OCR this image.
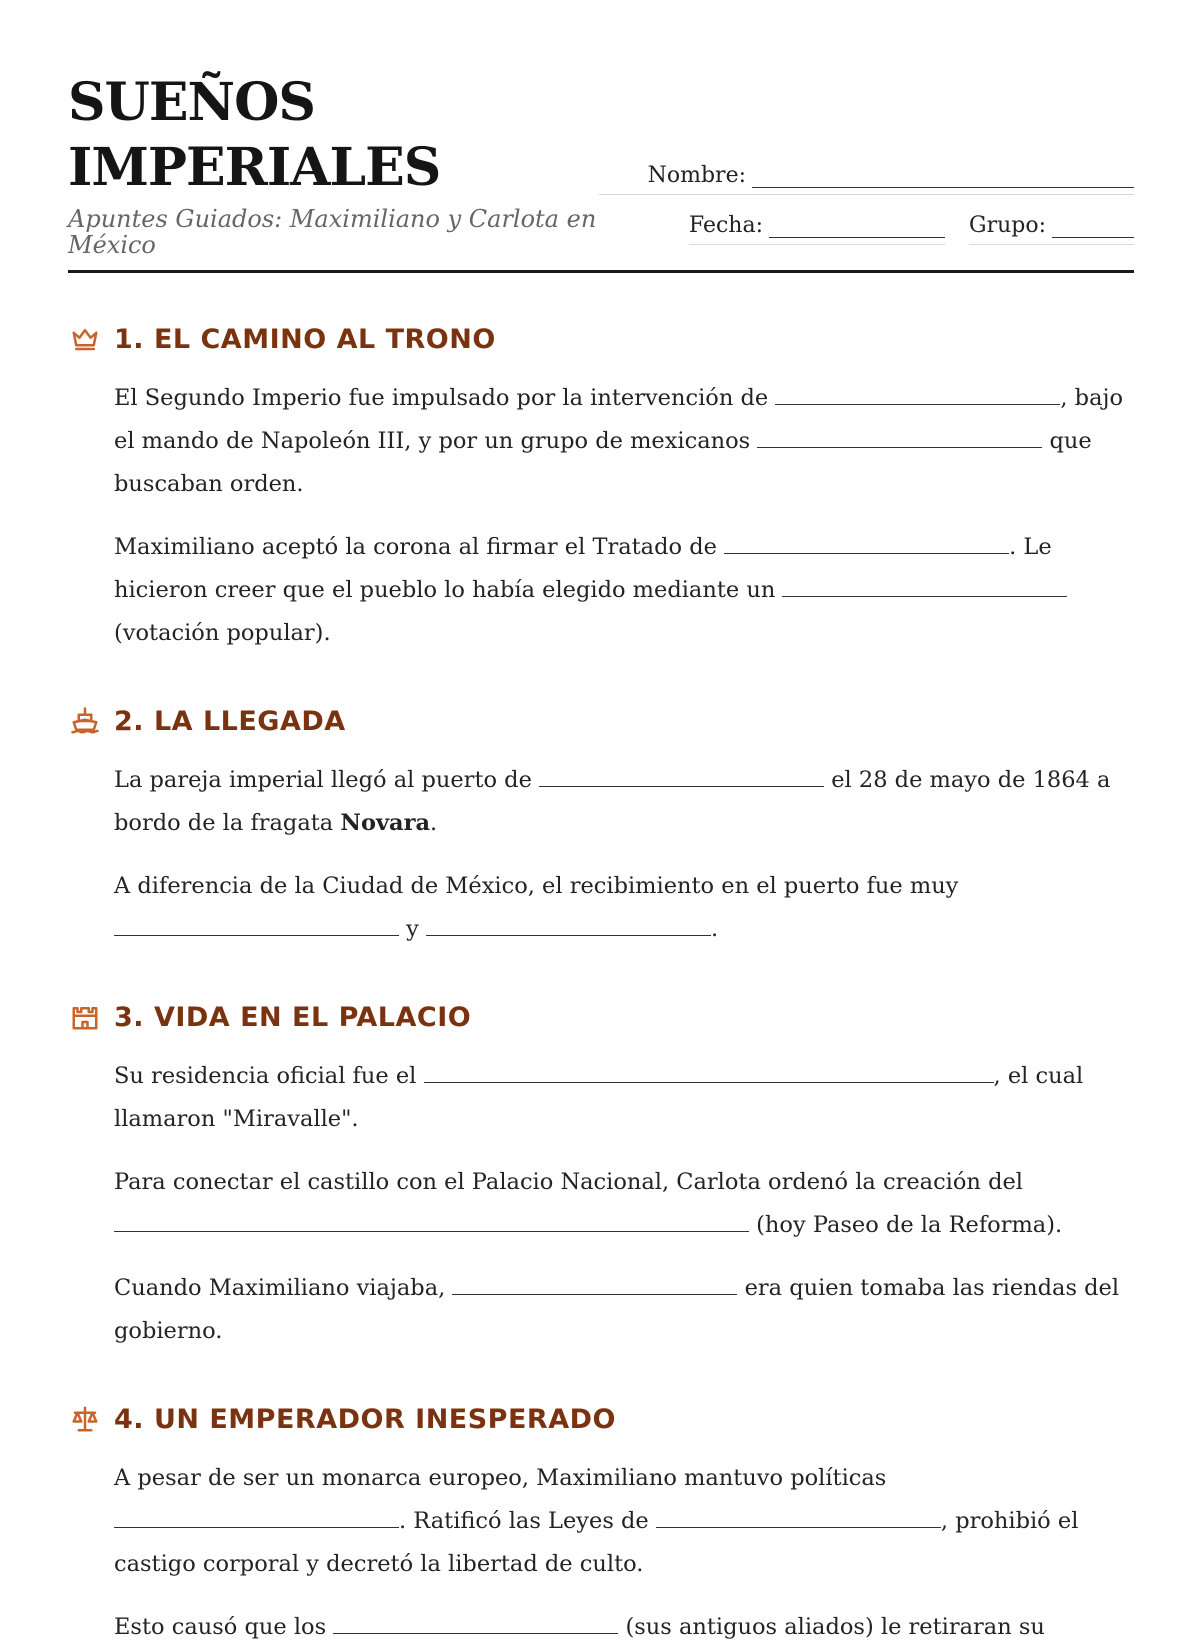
SUEÑOS
IMPERIALES
Apuntes Guiados: Maximiliano y Carlota en México
Nombre:
Fecha:	Grupo:
1. EL CAMINO AL TRONO

El Segundo Imperio fue impulsado por la intervención de	, bajo el mando de Napoleón III, y por un grupo de mexicanos	que buscaban orden.

Maximiliano aceptó la corona al firmar el Tratado de	. Le hicieron creer que el pueblo lo había elegido mediante un  (votación popular).

2. LA LLEGADA

La pareja imperial llegó al puerto de	el 28 de mayo de 1864 a bordo de la fragata Novara.

A diferencia de la Ciudad de México, el recibimiento en el puerto fue muy  y	.

3. VIDA EN EL PALACIO

Su residencia oficial fue el	, el cual llamaron "Miravalle".

Para conectar el castillo con el Palacio Nacional, Carlota ordenó la creación del  (hoy Paseo de la Reforma).

Cuando Maximiliano viajaba,	era quien tomaba las riendas del gobierno.

4. UN EMPERADOR INESPERADO

A pesar de ser un monarca europeo, Maximiliano mantuvo políticas . Ratificó las Leyes de	, prohibió el castigo corporal y decretó la libertad de culto.

Esto causó que los	(sus antiguos aliados) le retiraran su
